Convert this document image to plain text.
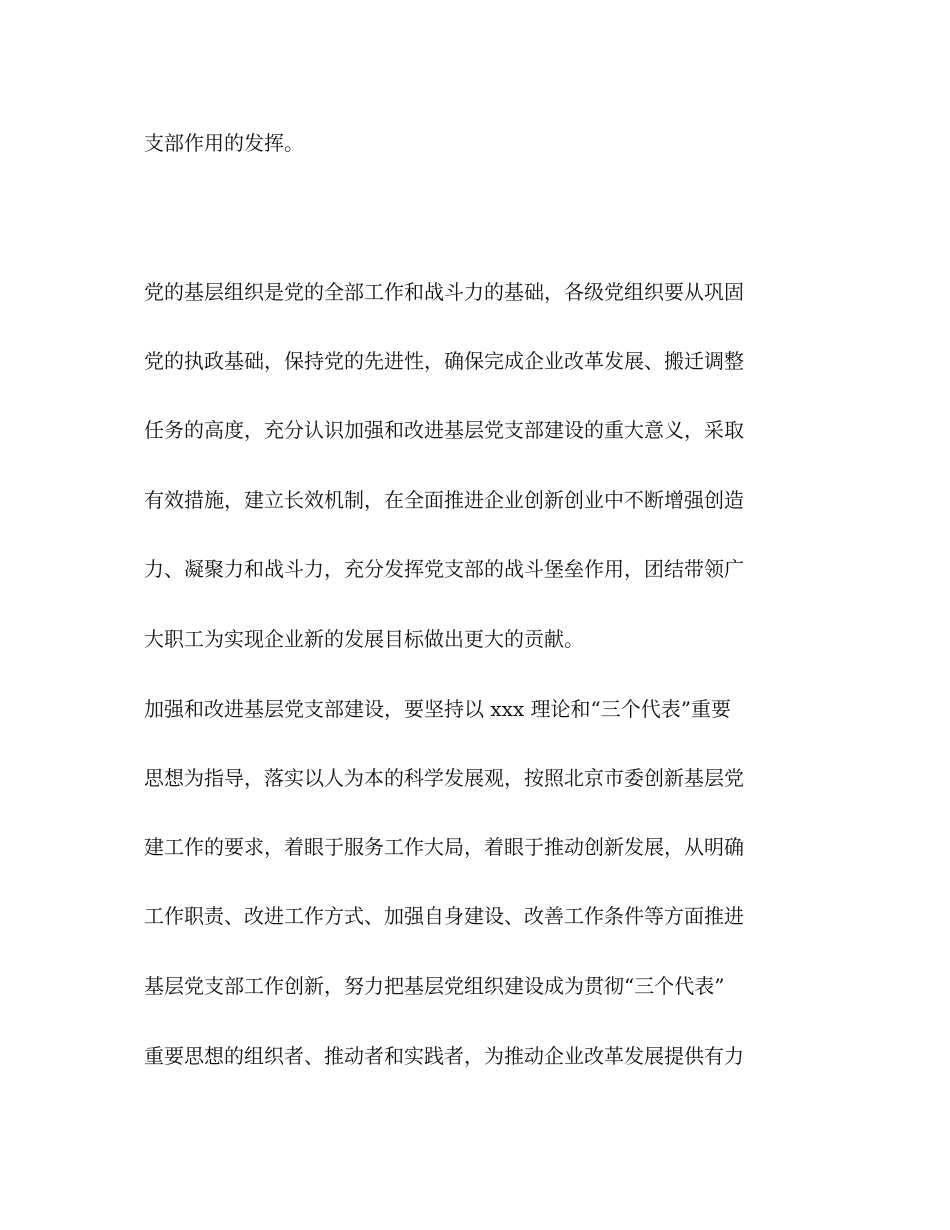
支部作用的发挥。
党的基层组织是党的全部工作和战斗力的基础，各级党组织要从巩固
党的执政基础，保持党的先进性，确保完成企业改革发展、搬迁调整
任务的高度，充分认识加强和改进基层党支部建设的重大意义，采取
有效措施，建立长效机制，在全面推进企业创新创业中不断增强创造
力、凝聚力和战斗力，充分发挥党支部的战斗堡垒作用，团结带领广
大职工为实现企业新的发展目标做出更大的贡献。
加强和改进基层党支部建设，要坚持以 xxx 理论和“三个代表”重要
思想为指导，落实以人为本的科学发展观，按照北京市委创新基层党
建工作的要求，着眼于服务工作大局，着眼于推动创新发展，从明确
工作职责、改进工作方式、加强自身建设、改善工作条件等方面推进
基层党支部工作创新，努力把基层党组织建设成为贯彻“三个代表”
重要思想的组织者、推动者和实践者，为推动企业改革发展提供有力
